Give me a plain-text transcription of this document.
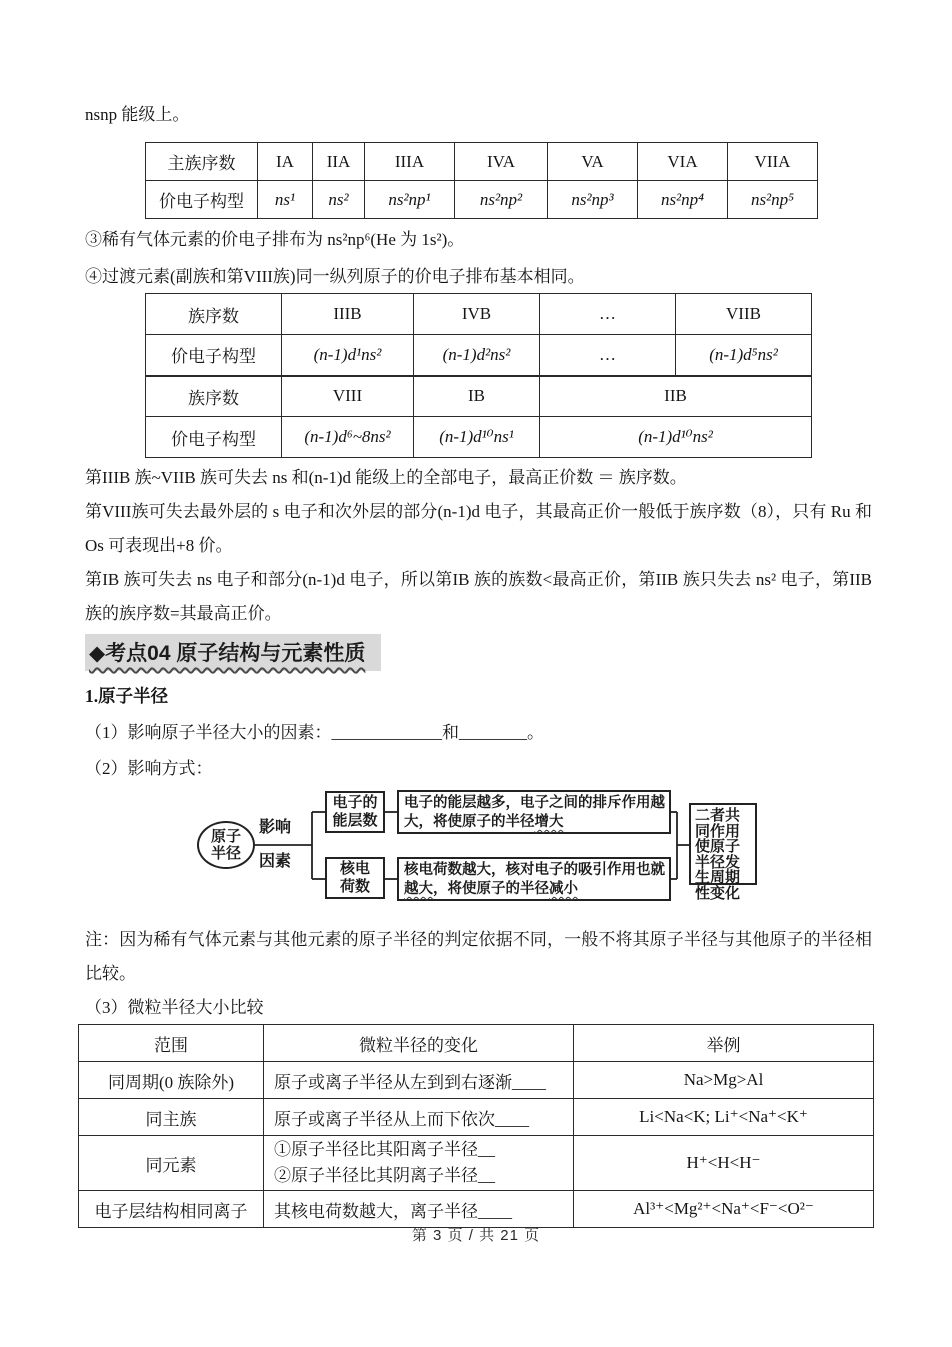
nsnp 能级上。

主族序数	IA	IIA	IIIA	IVA	VA	VIA	VIIA
价电子构型	ns¹	ns²	ns²np¹	ns²np²	ns²np³	ns²np⁴	ns²np⁵

③稀有气体元素的价电子排布为 ns²np⁶(He 为 1s²)。

④过渡元素(副族和第VIII族)同一纵列原子的价电子排布基本相同。

族序数	IIIB	IVB	…	VIIB
价电子构型	(n-1)d¹ns²	(n-1)d²ns²	…	(n-1)d⁵ns²
族序数	VIII	IB	IIB	
价电子构型	(n-1)d⁶~8ns²	(n-1)d¹⁰ns¹	(n-1)d¹⁰ns²	

第IIIB 族~VIIB 族可失去 ns 和(n-1)d 能级上的全部电子，最高正价数 ＝ 族序数。

第VIII族可失去最外层的 s 电子和次外层的部分(n-1)d 电子，其最高正价一般低于族序数（8），只有 Ru 和 Os 可表现出+8 价。

第IB 族可失去 ns 电子和部分(n-1)d 电子，所以第IB 族的族数<最高正价，第IIB 族只失去 ns² 电子，第IIB 族的族序数=其最高正价。

◆考点04 原子结构与元素性质

1.原子半径

（1）影响原子半径大小的因素：_____________和________。

（2）影响方式：

原子
半径
影响
因素
电子的
能层数
电子的能层越多，电子之间的排斥作用越大，将使原子的半径增大
核电
荷数
核电荷数越大，核对电子的吸引作用也就越大，将使原子的半径减小
二者共同作用使原子半径发生周期性变化

注：因为稀有气体元素与其他元素的原子半径的判定依据不同，一般不将其原子半径与其他原子的半径相比较。

（3）微粒半径大小比较

范围	微粒半径的变化	举例
同周期(0 族除外)	原子或离子半径从左到到右逐渐____	Na>Mg>Al
同主族	原子或离子半径从上而下依次____	Li<Na<K; Li⁺<Na⁺<K⁺
同元素	①原子半径比其阳离子半径__
②原子半径比其阴离子半径__	H⁺<H<H⁻
电子层结构相同离子	其核电荷数越大，离子半径____	Al³⁺<Mg²⁺<Na⁺<F⁻<O²⁻
第 3 页 / 共 21 页
